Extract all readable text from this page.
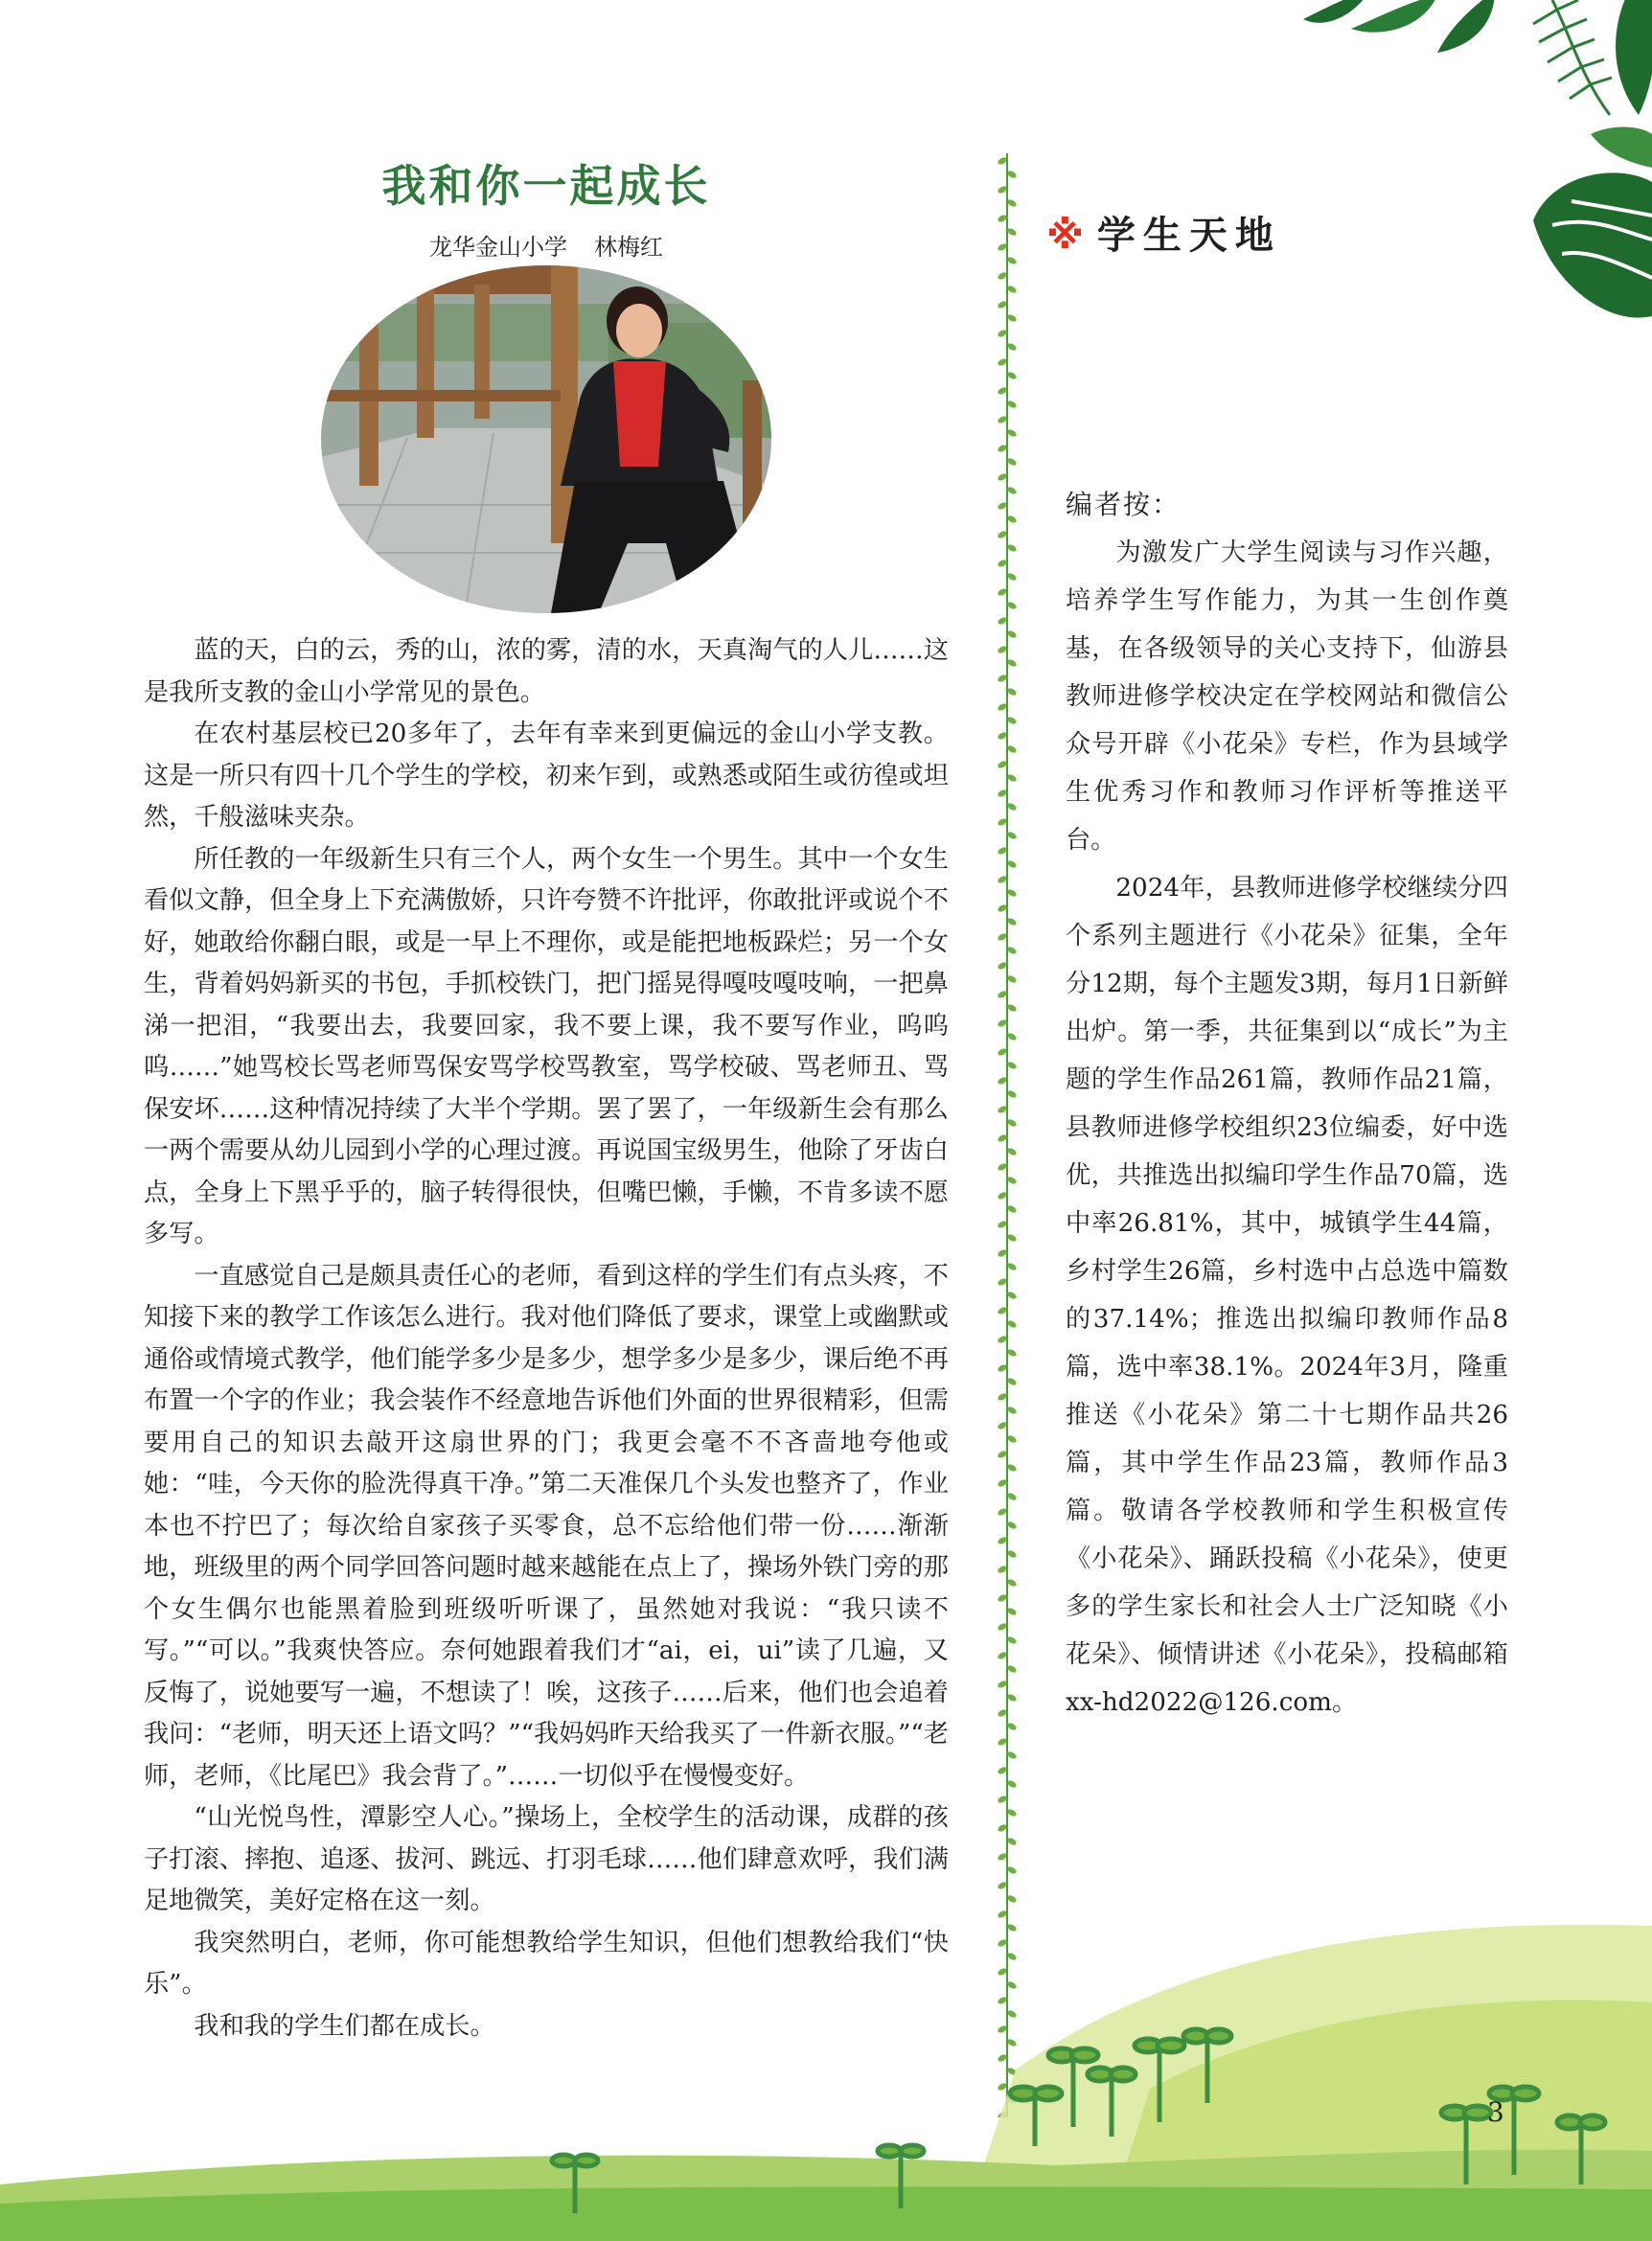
我和你一起成长
龙华金山小学 林梅红

蓝的天，白的云，秀的山，浓的雾，清的水，天真淘气的人儿……这是我所支教的金山小学常见的景色。

在农村基层校已20多年了，去年有幸来到更偏远的金山小学支教。这是一所只有四十几个学生的学校，初来乍到，或熟悉或陌生或彷徨或坦然，千般滋味夹杂。

所任教的一年级新生只有三个人，两个女生一个男生。其中一个女生看似文静，但全身上下充满傲娇，只许夸赞不许批评，你敢批评或说个不好，她敢给你翻白眼，或是一早上不理你，或是能把地板跺烂；另一个女生，背着妈妈新买的书包，手抓校铁门，把门摇晃得嘎吱嘎吱响，一把鼻涕一把泪，“我要出去，我要回家，我不要上课，我不要写作业，呜呜呜……”她骂校长骂老师骂保安骂学校骂教室，骂学校破、骂老师丑、骂保安坏……这种情况持续了大半个学期。罢了罢了，一年级新生会有那么一两个需要从幼儿园到小学的心理过渡。再说国宝级男生，他除了牙齿白点，全身上下黑乎乎的，脑子转得很快，但嘴巴懒，手懒，不肯多读不愿多写。

一直感觉自己是颇具责任心的老师，看到这样的学生们有点头疼，不知接下来的教学工作该怎么进行。我对他们降低了要求，课堂上或幽默或通俗或情境式教学，他们能学多少是多少，想学多少是多少，课后绝不再布置一个字的作业；我会装作不经意地告诉他们外面的世界很精彩，但需要用自己的知识去敲开这扇世界的门；我更会毫不不吝啬地夸他或她：“哇，今天你的脸洗得真干净。”第二天准保几个头发也整齐了，作业本也不拧巴了；每次给自家孩子买零食，总不忘给他们带一份……渐渐地，班级里的两个同学回答问题时越来越能在点上了，操场外铁门旁的那个女生偶尔也能黑着脸到班级听听课了，虽然她对我说：“我只读不写。”“可以。”我爽快答应。奈何她跟着我们才“ai，ei，ui”读了几遍，又反悔了，说她要写一遍，不想读了！唉，这孩子……后来，他们也会追着我问：“老师，明天还上语文吗？”“我妈妈昨天给我买了一件新衣服。”“老师，老师，《比尾巴》我会背了。”……一切似乎在慢慢变好。

“山光悦鸟性，潭影空人心。”操场上，全校学生的活动课，成群的孩子打滚、摔抱、追逐、拔河、跳远、打羽毛球……他们肆意欢呼，我们满足地微笑，美好定格在这一刻。

我突然明白，老师，你可能想教给学生知识，但他们想教给我们“快乐”。

我和我的学生们都在成长。

※ 学生天地
编者按：

为激发广大学生阅读与习作兴趣，培养学生写作能力，为其一生创作奠基，在各级领导的关心支持下，仙游县教师进修学校决定在学校网站和微信公众号开辟《小花朵》专栏，作为县域学生优秀习作和教师习作评析等推送平台。

2024年，县教师进修学校继续分四个系列主题进行《小花朵》征集，全年分12期，每个主题发3期，每月1日新鲜出炉。第一季，共征集到以“成长”为主题的学生作品261篇，教师作品21篇，县教师进修学校组织23位编委，好中选优，共推选出拟编印学生作品70篇，选中率26.81%，其中，城镇学生44篇，乡村学生26篇，乡村选中占总选中篇数的37.14%；推选出拟编印教师作品8篇，选中率38.1%。2024年3月，隆重推送《小花朵》第二十七期作品共26篇，其中学生作品23篇，教师作品3篇。敬请各学校教师和学生积极宣传《小花朵》、踊跃投稿《小花朵》，使更多的学生家长和社会人士广泛知晓《小花朵》、倾情讲述《小花朵》，投稿邮箱xx-hd2022@126.com。

3
